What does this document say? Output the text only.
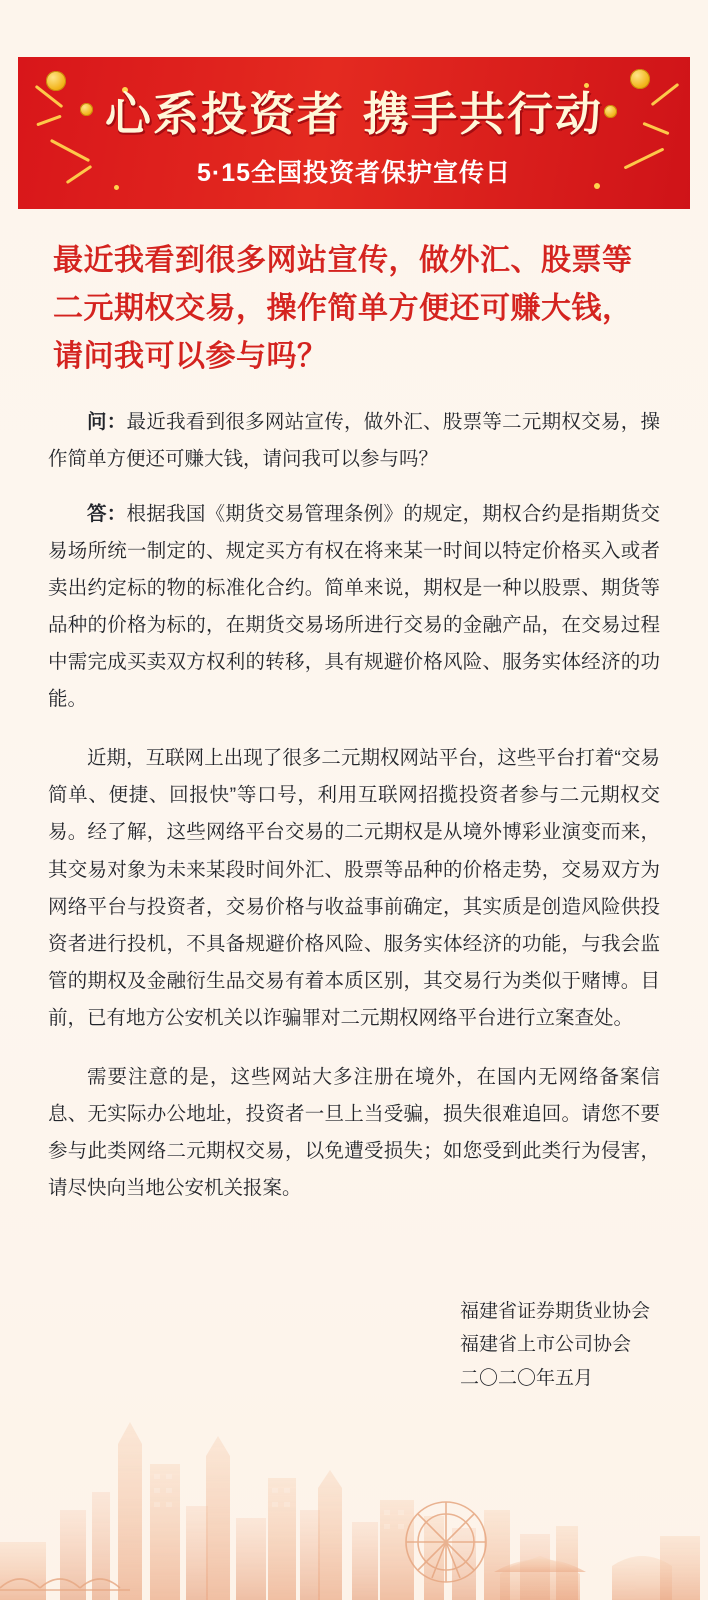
心系投资者 携手共行动
5·15全国投资者保护宣传日
最近我看到很多网站宣传，做外汇、股票等二元期权交易，操作简单方便还可赚大钱，请问我可以参与吗？

问：最近我看到很多网站宣传，做外汇、股票等二元期权交易，操作简单方便还可赚大钱，请问我可以参与吗？

答：根据我国《期货交易管理条例》的规定，期权合约是指期货交易场所统一制定的、规定买方有权在将来某一时间以特定价格买入或者卖出约定标的物的标准化合约。简单来说，期权是一种以股票、期货等品种的价格为标的，在期货交易场所进行交易的金融产品，在交易过程中需完成买卖双方权利的转移，具有规避价格风险、服务实体经济的功能。

近期，互联网上出现了很多二元期权网站平台，这些平台打着“交易简单、便捷、回报快”等口号，利用互联网招揽投资者参与二元期权交易。经了解，这些网络平台交易的二元期权是从境外博彩业演变而来，其交易对象为未来某段时间外汇、股票等品种的价格走势，交易双方为网络平台与投资者，交易价格与收益事前确定，其实质是创造风险供投资者进行投机，不具备规避价格风险、服务实体经济的功能，与我会监管的期权及金融衍生品交易有着本质区别，其交易行为类似于赌博。目前，已有地方公安机关以诈骗罪对二元期权网络平台进行立案查处。

需要注意的是，这些网站大多注册在境外，在国内无网络备案信息、无实际办公地址，投资者一旦上当受骗，损失很难追回。请您不要参与此类网络二元期权交易，以免遭受损失；如您受到此类行为侵害，请尽快向当地公安机关报案。

福建省证券期货业协会
福建省上市公司协会
二〇二〇年五月
